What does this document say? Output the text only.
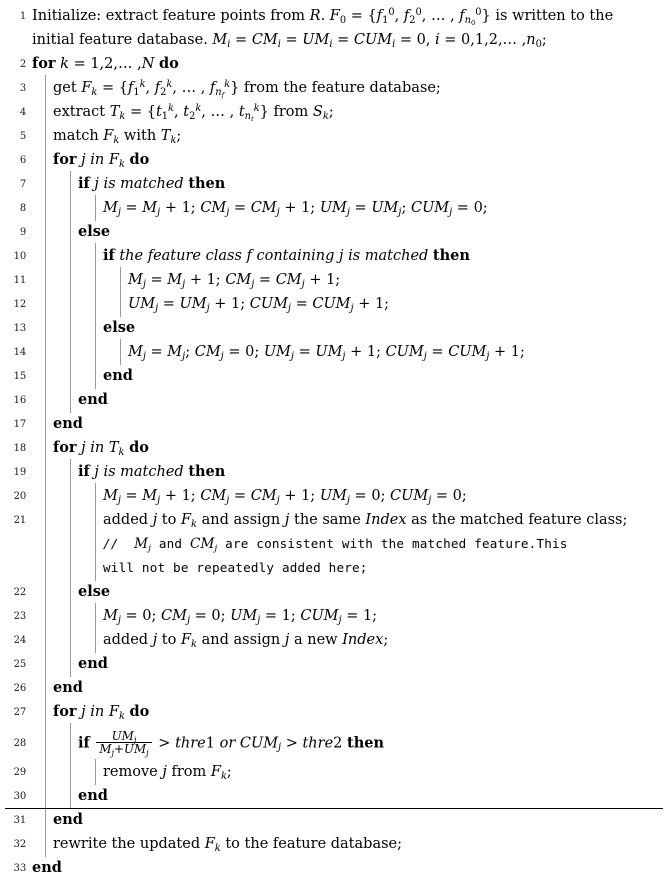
1 Initialize: extract feature points from R. $F_0 = \{f_1^0$, $f_2^0$, … , $f_{n_0}^0$} is written to the
initial feature database. $M_i = CM_i = UM_i = CUM_i = 0$, i = 0,1,2,… $,n_0$;
2 for k = 1,2,… ,N do
3	get $F_k = \{f_1^k$, $f_2^k$, … , $f_{n_f}^k$} from the feature database;
4	extract $T_k = \{t_1^k$, $t_2^k$, … , $t_{n_t}^k$} from $S_k$;
5	match $F_k$ with $T_k$;
6	for j in $F_k$ do
7	if j is matched then
8	$M_j = M_j + 1$; $CM_j = CM_j + 1$; $UM_j = UM_j$; $CUM_j = 0$;
9	else
10	if the feature class f containing j is matched then
11	$M_j = M_j + 1$; $CM_j = CM_j + 1$;
12	$UM_j = UM_j + 1$; $CUM_j = CUM_j + 1$;
13	else
14	$M_j = M_j$; $CM_j = 0$; $UM_j = UM_j + 1$; $CUM_j = CUM_j + 1$;
15	end
16	end
17	end
18	for j in $T_k$ do
19	if j is matched then
20	$M_j = M_j + 1$; $CM_j = CM_j + 1$; $UM_j = 0$; $CUM_j = 0$;
21	added j to $F_k$ and assign j the same Index as the matched feature class;
// $M_j$ and $CM_j$ are consistent with the matched feature.This
will not be repeatedly added here;
22	else
23	$M_j = 0$; $CM_j = 0$; $UM_j = 1$; $CUM_j = 1$;
24	added j to $F_k$ and assign j a new Index;
25	end
26	end
27	for j in $F_k$ do
28	if $\frac{UM_j}{M_j+UM_j}$ > thre1 or $CUM_j$ > thre2 then
29	remove j from $F_k$;
30	end
31	end
32	rewrite the updated $F_k$ to the feature database;
33 end
